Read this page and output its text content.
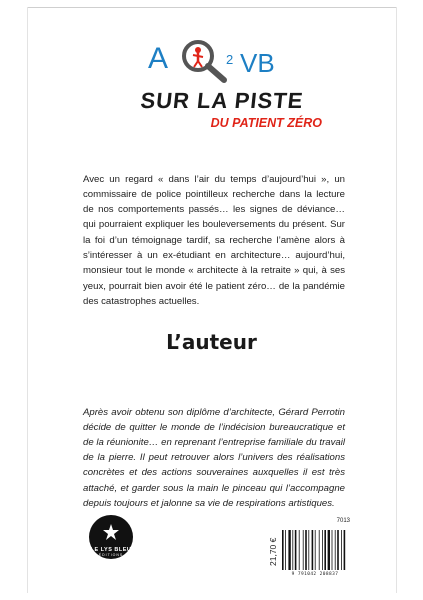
A	2 VB
SUR LA PISTE
DU PATIENT ZÉRO

Avec un regard « dans l’air du temps d’aujourd’hui », un commissaire de police pointilleux recherche dans la lecture de nos comportements passés… les signes de déviance… qui pourraient expliquer les bouleversements du présent. Sur la foi d’un témoignage tardif, sa recherche l’amène alors à s’intéresser à un ex-étudiant en architecture… aujourd’hui, monsieur tout le monde « architecte à la retraite » qui, à ses yeux, pourrait bien avoir été le patient zéro… de la pandémie des catastrophes actuelles.

L’auteur

Après avoir obtenu son diplôme d’architecte, Gérard Perrotin décide de quitter le monde de l’indécision bureaucratique et de la réunionite… en reprenant l’entreprise familiale du travail de la pierre. Il peut retrouver alors l’univers des réalisations concrètes et des actions souveraines auxquelles il est très attaché, et garder sous la main le pinceau qui l’accompagne depuis toujours et jalonne sa vie de respirations artistiques.

LE LYS BLEU
ÉDITIONS
7013
21,70 €
9 791042 208837
